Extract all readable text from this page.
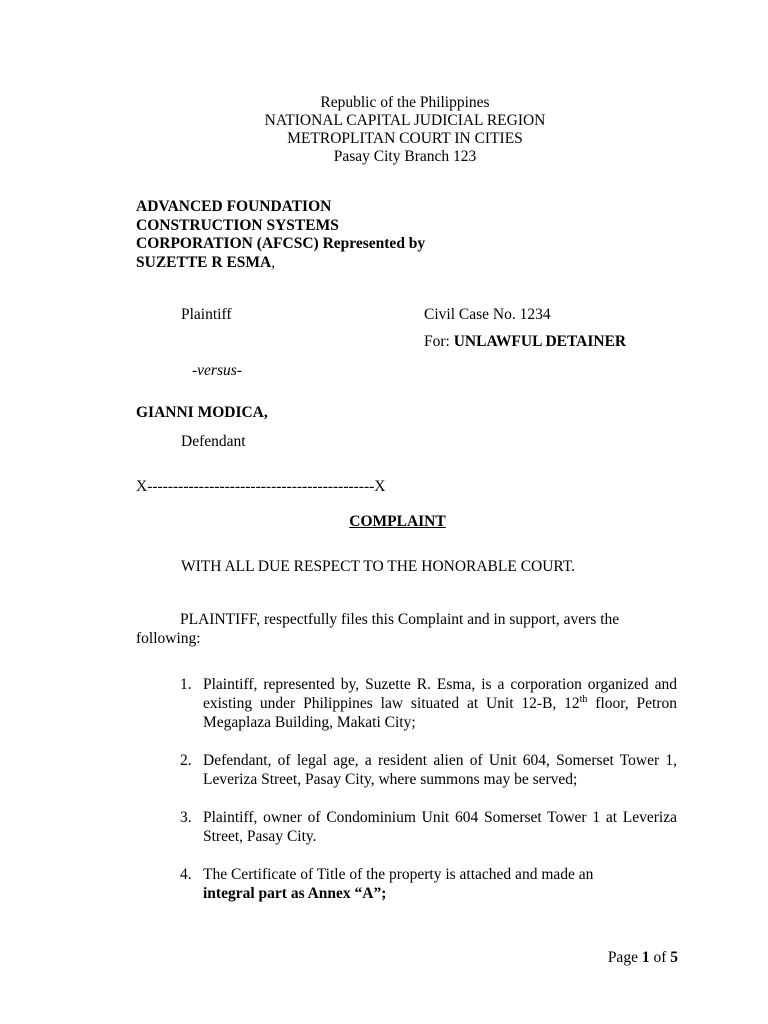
Republic of the Philippines
NATIONAL CAPITAL JUDICIAL REGION
METROPLITAN COURT IN CITIES
Pasay City Branch 123
ADVANCED FOUNDATION CONSTRUCTION SYSTEMS CORPORATION (AFCSC) Represented by SUZETTE R ESMA,
Plaintiff	Civil Case No. 1234
For: UNLAWFUL DETAINER
-versus-
GIANNI MODICA,
Defendant
X--------------------------------------------X
COMPLAINT
WITH ALL DUE RESPECT TO THE HONORABLE COURT.
PLAINTIFF, respectfully files this Complaint and in support, avers the following:
1. Plaintiff, represented by, Suzette R. Esma, is a corporation organized and existing under Philippines law situated at Unit 12-B, 12th floor, Petron Megaplaza Building, Makati City;
2. Defendant, of legal age, a resident alien of Unit 604, Somerset Tower 1, Leveriza Street, Pasay City, where summons may be served;
3. Plaintiff, owner of Condominium Unit 604 Somerset Tower 1 at Leveriza Street, Pasay City.
4. The Certificate of Title of the property is attached and made an
integral part as Annex “A”;
Page 1 of 5
